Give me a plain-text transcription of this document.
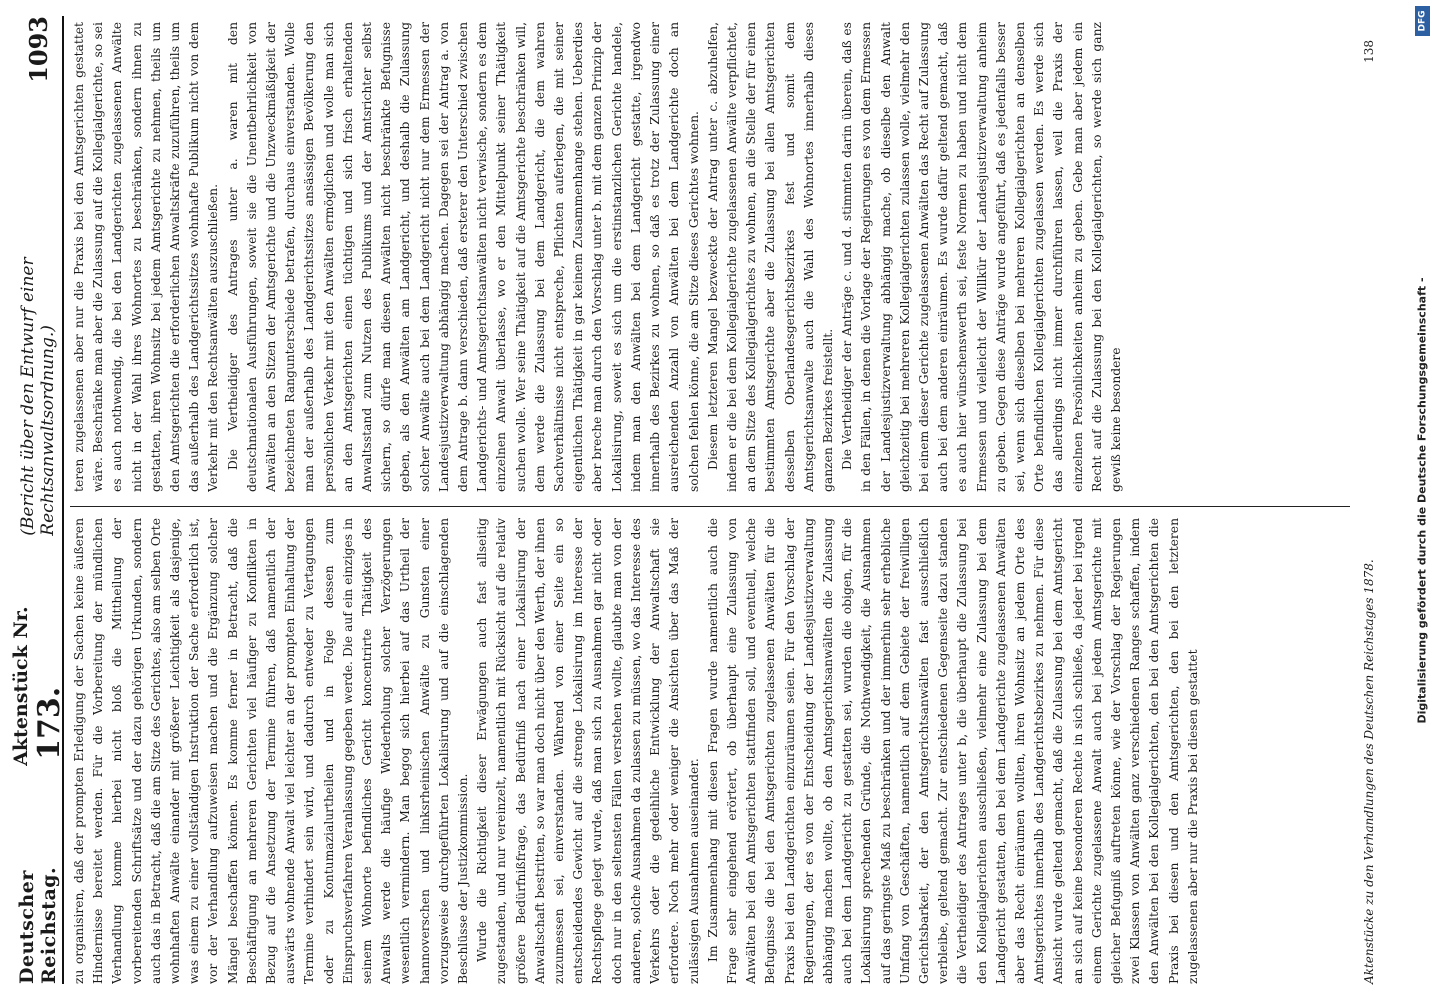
Deutscher Reichstag.
Aktenstück Nr. 173.
(Bericht über den Entwurf einer Rechtsanwaltsordnung.)
1093

zu organisiren, daß der prompten Erledigung der Sachen keine äußeren Hindernisse bereitet werden. Für die Vorbereitung der mündlichen Verhandlung komme hierbei nicht bloß die Mittheilung der vorbereitenden Schriftsätze und der dazu gehörigen Urkunden, sondern auch das in Betracht, daß die am Sitze des Gerichtes, also am selben Orte wohnhaften Anwälte einander mit größerer Leichtigkeit als dasjenige, was einem zu einer vollständigen Instruktion der Sache erforderlich ist, vor der Verhandlung aufzuweisen machen und die Ergänzung solcher Mängel beschaffen können. Es komme ferner in Betracht, daß die Beschäftigung an mehreren Gerichten viel häufiger zu Konflikten in Bezug auf die Ansetzung der Termine führen, daß namentlich der auswärts wohnende Anwalt viel leichter an der prompten Einhaltung der Termine verhindert sein wird, und dadurch entweder zu Vertagungen oder zu Kontumazialurtheilen und in Folge dessen zum Einspruchsverfahren Veranlassung gegeben werde. Die auf ein einziges in seinem Wohnorte befindliches Gericht koncentrirte Thätigkeit des Anwalts werde die häufige Wiederholung solcher Verzögerungen wesentlich vermindern. Man begog sich hierbei auf das Urtheil der hannoverschen und linksrheinischen Anwälte zu Gunsten einer vorzugsweise durchgeführten Lokalisirung und auf die einschlagenden Beschlüsse der Justizkommission. Wurde die Richtigkeit dieser Erwägungen auch fast allseitig zugestanden, und nur vereinzelt, namentlich mit Rücksicht auf die relativ größere Bedürfnißfrage, das Bedürfniß nach einer Lokalisirung der Anwaltschaft bestritten, so war man doch nicht über den Werth, der ihnen zuzumessen sei, einverstanden. Während von einer Seite ein so entscheidendes Gewicht auf die strenge Lokalisirung im Interesse der Rechtspflege gelegt wurde, daß man sich zu Ausnahmen gar nicht oder doch nur in den seltensten Fällen verstehen wollte, glaubte man von der anderen, solche Ausnahmen da zulassen zu müssen, wo das Interesse des Verkehrs oder die gedeihliche Entwicklung der Anwaltschaft sie erfordere. Noch mehr oder weniger die Ansichten über das Maß der zulässigen Ausnahmen auseinander. Im Zusammenhang mit diesen Fragen wurde namentlich auch die Frage sehr eingehend erörtert, ob überhaupt eine Zulassung von Anwälten bei den Amtsgerichten stattfinden soll, und eventuell, welche Befugnisse die bei den Amtsgerichten zugelassenen Anwälten für die Praxis bei den Landgerichten einzuräumen seien. Für den Vorschlag der Regierungen, der es von der Entscheidung der Landesjustizverwaltung abhängig machen wollte, ob den Amtsgerichtsanwälten die Zulassung auch bei dem Landgericht zu gestatten sei, wurden die obigen, für die Lokalisirung sprechenden Gründe, die Nothwendigkeit, die Ausnahmen auf das geringste Maß zu beschränken und der immerhin sehr erhebliche Umfang von Geschäften, namentlich auf dem Gebiete der freiwilligen Gerichtsbarkeit, der den Amtsgerichtsanwälten fast ausschließlich verbleibe, geltend gemacht. Zur entschiedenen Gegenseite dazu standen die Vertheidiger des Antrages unter b, die überhaupt die Zulassung bei den Kollegialgerichten ausschließen, vielmehr eine Zulassung bei dem Landgericht gestatten, den bei dem Landgerichte zugelassenen Anwälten aber das Recht einräumen wollten, ihren Wohnsitz an jedem Orte des Amtsgerichtes innerhalb des Landgerichtsbezirkes zu nehmen. Für diese Ansicht wurde geltend gemacht, daß die Zulassung bei dem Amtsgericht an sich auf keine besonderen Rechte in sich schließe, da jeder bei irgend einem Gerichte zugelassene Anwalt auch bei jedem Amtsgerichte mit gleicher Befugniß auftreten könne, wie der Vorschlag der Regierungen zwei Klassen von Anwälten ganz verschiedenen Ranges schaffen, indem den Anwälten bei den Kollegialgerichten, den bei den Amtsgerichten die Praxis bei diesen und den Amtsgerichten, den bei den letzteren zugelassenen aber nur die Praxis bei diesen gestattet

teren zugelassenen aber nur die Praxis bei den Amtsgerichten gestattet wäre. Beschränke man aber die Zulassung auf die Kollegialgerichte, so sei es auch nothwendig, die bei den Landgerichten zugelassenen Anwälte nicht in der Wahl ihres Wohnortes zu beschränken, sondern ihnen zu gestatten, ihren Wohnsitz bei jedem Amtsgerichte zu nehmen, theils um den Amtsgerichten die erforderlichen Anwaltskräfte zuzuführen, theils um das außerhalb des Landgerichtssitzes wohnhafte Publikum nicht von dem Verkehr mit den Rechtsanwälten auszuschließen. Die Vertheidiger des Antrages unter a. waren mit den deutschnationalen Ausführungen, soweit sie die Unentbehrlichkeit von Anwälten an den Sitzen der Amtsgerichte und die Unzweckmäßigkeit der bezeichneten Rangunterschiede betrafen, durchaus einverstanden. Wolle man der außerhalb des Landgerichtssitzes ansässigen Bevölkerung den persönlichen Verkehr mit den Anwälten ermöglichen und wolle man sich an den Amtsgerichten einen tüchtigen und sich frisch erhaltenden Anwaltsstand zum Nutzen des Publikums und der Amtsrichter selbst sichern, so dürfe man diesen Anwälten nicht beschränkte Befugnisse geben, als den Anwälten am Landgericht, und deshalb die Zulassung solcher Anwälte auch bei dem Landgericht nicht nur dem Ermessen der Landesjustizverwaltung abhängig machen. Dagegen sei der Antrag a. von dem Antrage b. dann verschieden, daß ersterer den Unterschied zwischen Landgerichts- und Amtsgerichtsanwälten nicht verwische, sondern es dem einzelnen Anwalt überlasse, wo er den Mittelpunkt seiner Thätigkeit suchen wolle. Wer seine Thätigkeit auf die Amtsgerichte beschränken will, dem werde die Zulassung bei dem Landgericht, die dem wahren Sachverhältnisse nicht entspreche, Pflichten auferlegen, die mit seiner eigentlichen Thätigkeit in gar keinem Zusammenhange stehen. Ueberdies aber breche man durch den Vorschlag unter b. mit dem ganzen Prinzip der Lokalisirung, soweit es sich um die erstinstanzlichen Gerichte handele, indem man den Anwälten bei dem Landgericht gestatte, irgendwo innerhalb des Bezirkes zu wohnen, so daß es trotz der Zulassung einer ausreichenden Anzahl von Anwälten bei dem Landgerichte doch an solchen fehlen könne, die am Sitze dieses Gerichtes wohnen. Diesem letzteren Mangel bezweckte der Antrag unter c. abzuhelfen, indem er die bei dem Kollegialgerichte zugelassenen Anwälte verpflichtet, an dem Sitze des Kollegialgerichtes zu wohnen, an die Stelle der für einen bestimmten Amtsgerichte aber die Zulassung bei allen Amtsgerichten desselben Oberlandesgerichtsbezirkes fest und somit dem Amtsgerichtsanwalte auch die Wahl des Wohnortes innerhalb dieses ganzen Bezirkes freistellt. Die Vertheidiger der Anträge c. und d. stimmten darin überein, daß es in den Fällen, in denen die Vorlage der Regierungen es von dem Ermessen der Landesjustizverwaltung abhängig mache, ob dieselbe den Anwalt gleichzeitig bei mehreren Kollegialgerichten zulassen wolle, vielmehr den bei einem dieser Gerichte zugelassenen Anwälten das Recht auf Zulassung auch bei dem anderen einräumen. Es wurde dafür geltend gemacht, daß es auch hier wünschenswerth sei, feste Normen zu haben und nicht dem Ermessen und vielleicht der Willkür der Landesjustizverwaltung anheim zu geben. Gegen diese Anträge wurde angeführt, daß es jedenfalls besser sei, wenn sich dieselben bei mehreren Kollegialgerichten an denselben Orte befindlichen Kollegialgerichten zugelassen werden. Es werde sich das allerdings nicht immer durchführen lassen, weil die Praxis der einzelnen Persönlichkeiten anheim zu geben. Gebe man aber jedem ein Recht auf die Zulassung bei den Kollegialgerichten, so werde sich ganz gewiß keine besondere

Aktenstücke zu den Verhandlungen des Deutschen Reichstages 1878.
138
Digitalisierung gefördert durch die Deutsche Forschungsgemeinschaft -
DFG
